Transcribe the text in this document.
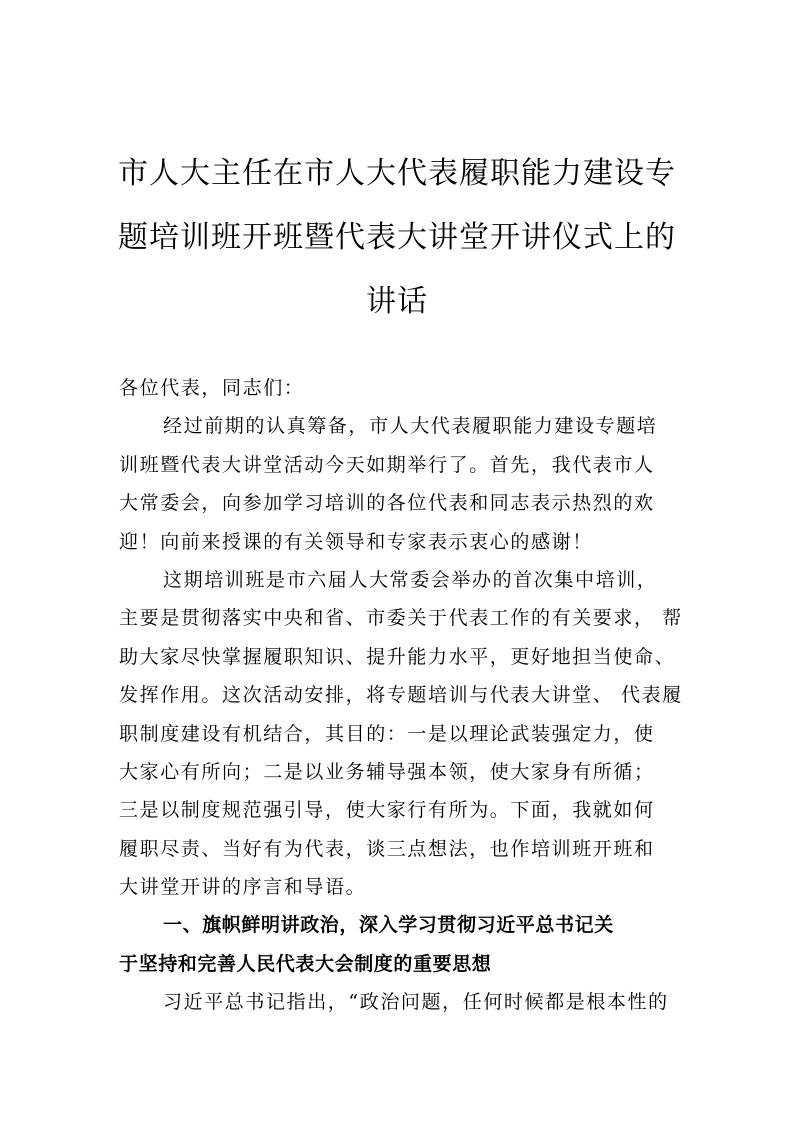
市人大主任在市人大代表履职能力建设专
题培训班开班暨代表大讲堂开讲仪式上的
讲话
各位代表，同志们：
经过前期的认真筹备，市人大代表履职能力建设专题培
训班暨代表大讲堂活动今天如期举行了。首先，我代表市人
大常委会，向参加学习培训的各位代表和同志表示热烈的欢
迎！向前来授课的有关领导和专家表示衷心的感谢！
这期培训班是市六届人大常委会举办的首次集中培训，
主要是贯彻落实中央和省、市委关于代表工作的有关要求， 帮
助大家尽快掌握履职知识、提升能力水平，更好地担当使命、
发挥作用。这次活动安排，将专题培训与代表大讲堂、 代表履
职制度建设有机结合，其目的：一是以理论武装强定力，使
大家心有所向；二是以业务辅导强本领，使大家身有所循；
三是以制度规范强引导，使大家行有所为。下面，我就如何
履职尽责、当好有为代表，谈三点想法，也作培训班开班和
大讲堂开讲的序言和导语。
一、旗帜鲜明讲政治，深入学习贯彻习近平总书记关
于坚持和完善人民代表大会制度的重要思想
习近平总书记指出，“政治问题，任何时候都是根本性的
